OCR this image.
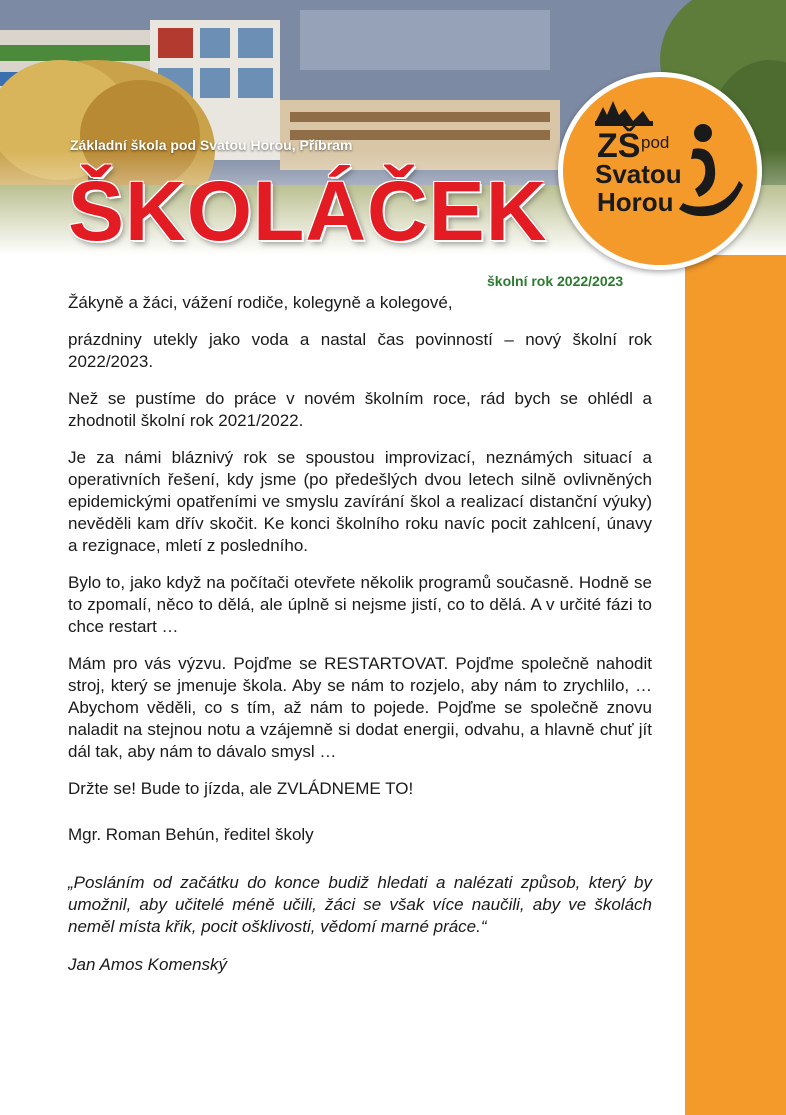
Základní škola pod Svatou Horou, Příbram
ŠKOLÁČEK
ZŠ pod
Svatou
Horou
školní rok 2022/2023

Žákyně a žáci, vážení rodiče, kolegyně a kolegové,

prázdniny utekly jako voda a nastal čas povinností – nový školní rok 2022/2023.

Než se pustíme do práce v novém školním roce, rád bych se ohlédl a zhodnotil školní rok 2021/2022.

Je za námi bláznivý rok se spoustou improvizací, neznámých situací a operativních řešení, kdy jsme (po předešlých dvou letech silně ovlivněných epidemickými opatřeními ve smyslu zavírání škol a realizací distanční výuky) nevěděli kam dřív skočit. Ke konci školního roku navíc pocit zahlcení, únavy a rezignace, mletí z posledního.

Bylo to, jako když na počítači otevřete několik programů současně. Hodně se to zpomalí, něco to dělá, ale úplně si nejsme jistí, co to dělá. A v určité fázi to chce restart …

Mám pro vás výzvu. Pojďme se RESTARTOVAT. Pojďme společně nahodit stroj, který se jmenuje škola. Aby se nám to rozjelo, aby nám to zrychlilo, … Abychom věděli, co s tím, až nám to pojede. Pojďme se společně znovu naladit na stejnou notu a vzájemně si dodat energii, odvahu, a hlavně chuť jít dál tak, aby nám to dávalo smysl …

Držte se! Bude to jízda, ale ZVLÁDNEME TO!

Mgr. Roman Behún, ředitel školy

„Posláním od začátku do konce budiž hledati a nalézati způsob, který by umožnil, aby učitelé méně učili, žáci se však více naučili, aby ve školách neměl místa křik, pocit ošklivosti, vědomí marné práce.“

Jan Amos Komenský
